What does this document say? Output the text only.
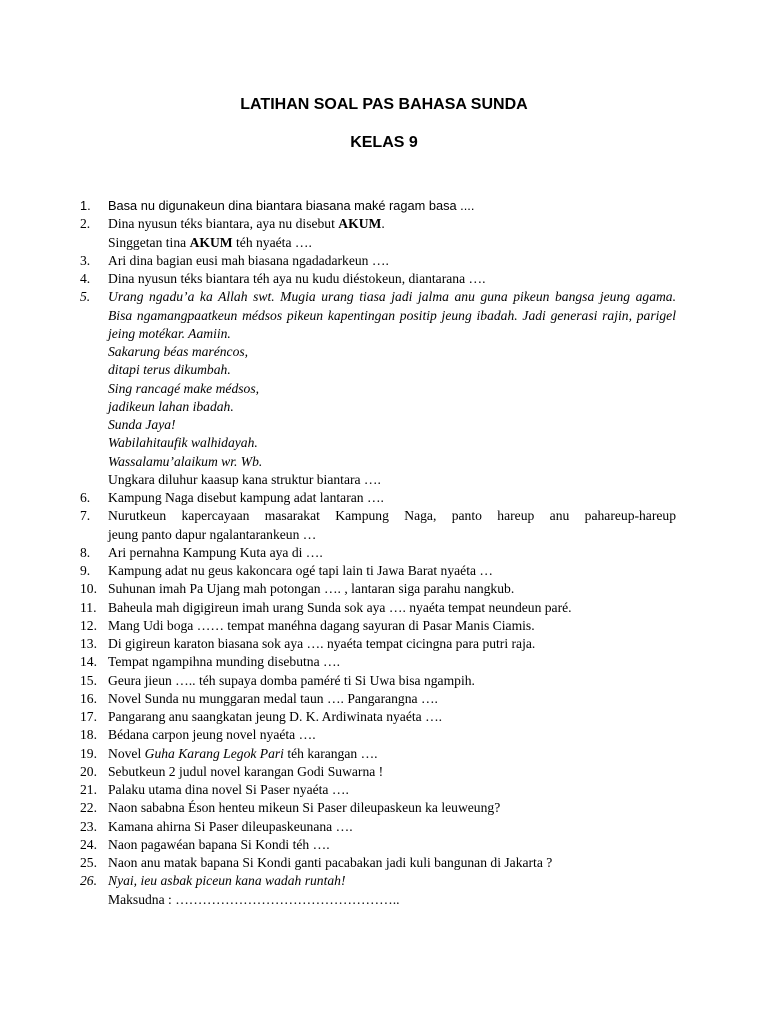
LATIHAN SOAL PAS BAHASA SUNDA
KELAS 9
1. Basa nu digunakeun dina biantara biasana maké ragam basa ....
2. Dina nyusun téks biantara, aya nu disebut AKUM.
Singgetan tina AKUM téh nyaéta ….
3. Ari dina bagian eusi mah biasana ngadadarkeun ….
4. Dina nyusun téks biantara téh aya nu kudu diéstokeun, diantarana ….
5. Urang ngadu’a ka Allah swt. Mugia urang tiasa jadi jalma anu guna pikeun bangsa jeung agama.
Bisa ngamangpaatkeun médsos pikeun kapentingan positip jeung ibadah. Jadi generasi rajin, parigel
jeing motékar. Aamiin.
Sakarung béas maréncos,
ditapi terus dikumbah.
Sing rancagé make médsos,
jadikeun lahan ibadah.
Sunda Jaya!
Wabilahitaufik walhidayah.
Wassalamu’alaikum wr. Wb.
Ungkara diluhur kaasup kana struktur biantara ….
6. Kampung Naga disebut kampung adat lantaran ….
7. Nurutkeun kapercayaan masarakat Kampung Naga, panto hareup anu pahareup-hareup
jeung panto dapur ngalantarankeun …
8. Ari pernahna Kampung Kuta aya di ….
9. Kampung adat nu geus kakoncara ogé tapi lain ti Jawa Barat nyaéta …
10. Suhunan imah Pa Ujang mah potongan …. , lantaran siga parahu nangkub.
11. Baheula mah digigireun imah urang Sunda sok aya …. nyaéta tempat neundeun paré.
12. Mang Udi boga …… tempat manéhna dagang sayuran di Pasar Manis Ciamis.
13. Di gigireun karaton biasana sok aya …. nyaéta tempat cicingna para putri raja.
14. Tempat ngampihna munding disebutna ….
15. Geura jieun ….. téh supaya domba paméré ti Si Uwa bisa ngampih.
16. Novel Sunda nu munggaran medal taun …. Pangarangna ….
17. Pangarang anu saangkatan jeung D. K. Ardiwinata nyaéta ….
18. Bédana carpon jeung novel nyaéta ….
19. Novel Guha Karang Legok Pari téh karangan ….
20. Sebutkeun 2 judul novel karangan Godi Suwarna !
21. Palaku utama dina novel Si Paser nyaéta ….
22. Naon sababna Éson henteu mikeun Si Paser dileupaskeun ka leuweung?
23. Kamana ahirna Si Paser dileupaskeunana ….
24. Naon pagawéan bapana Si Kondi téh ….
25. Naon anu matak bapana Si Kondi ganti pacabakan jadi kuli bangunan di Jakarta ?
26. Nyai, ieu asbak piceun kana wadah runtah!
Maksudna : …………………………………………..
